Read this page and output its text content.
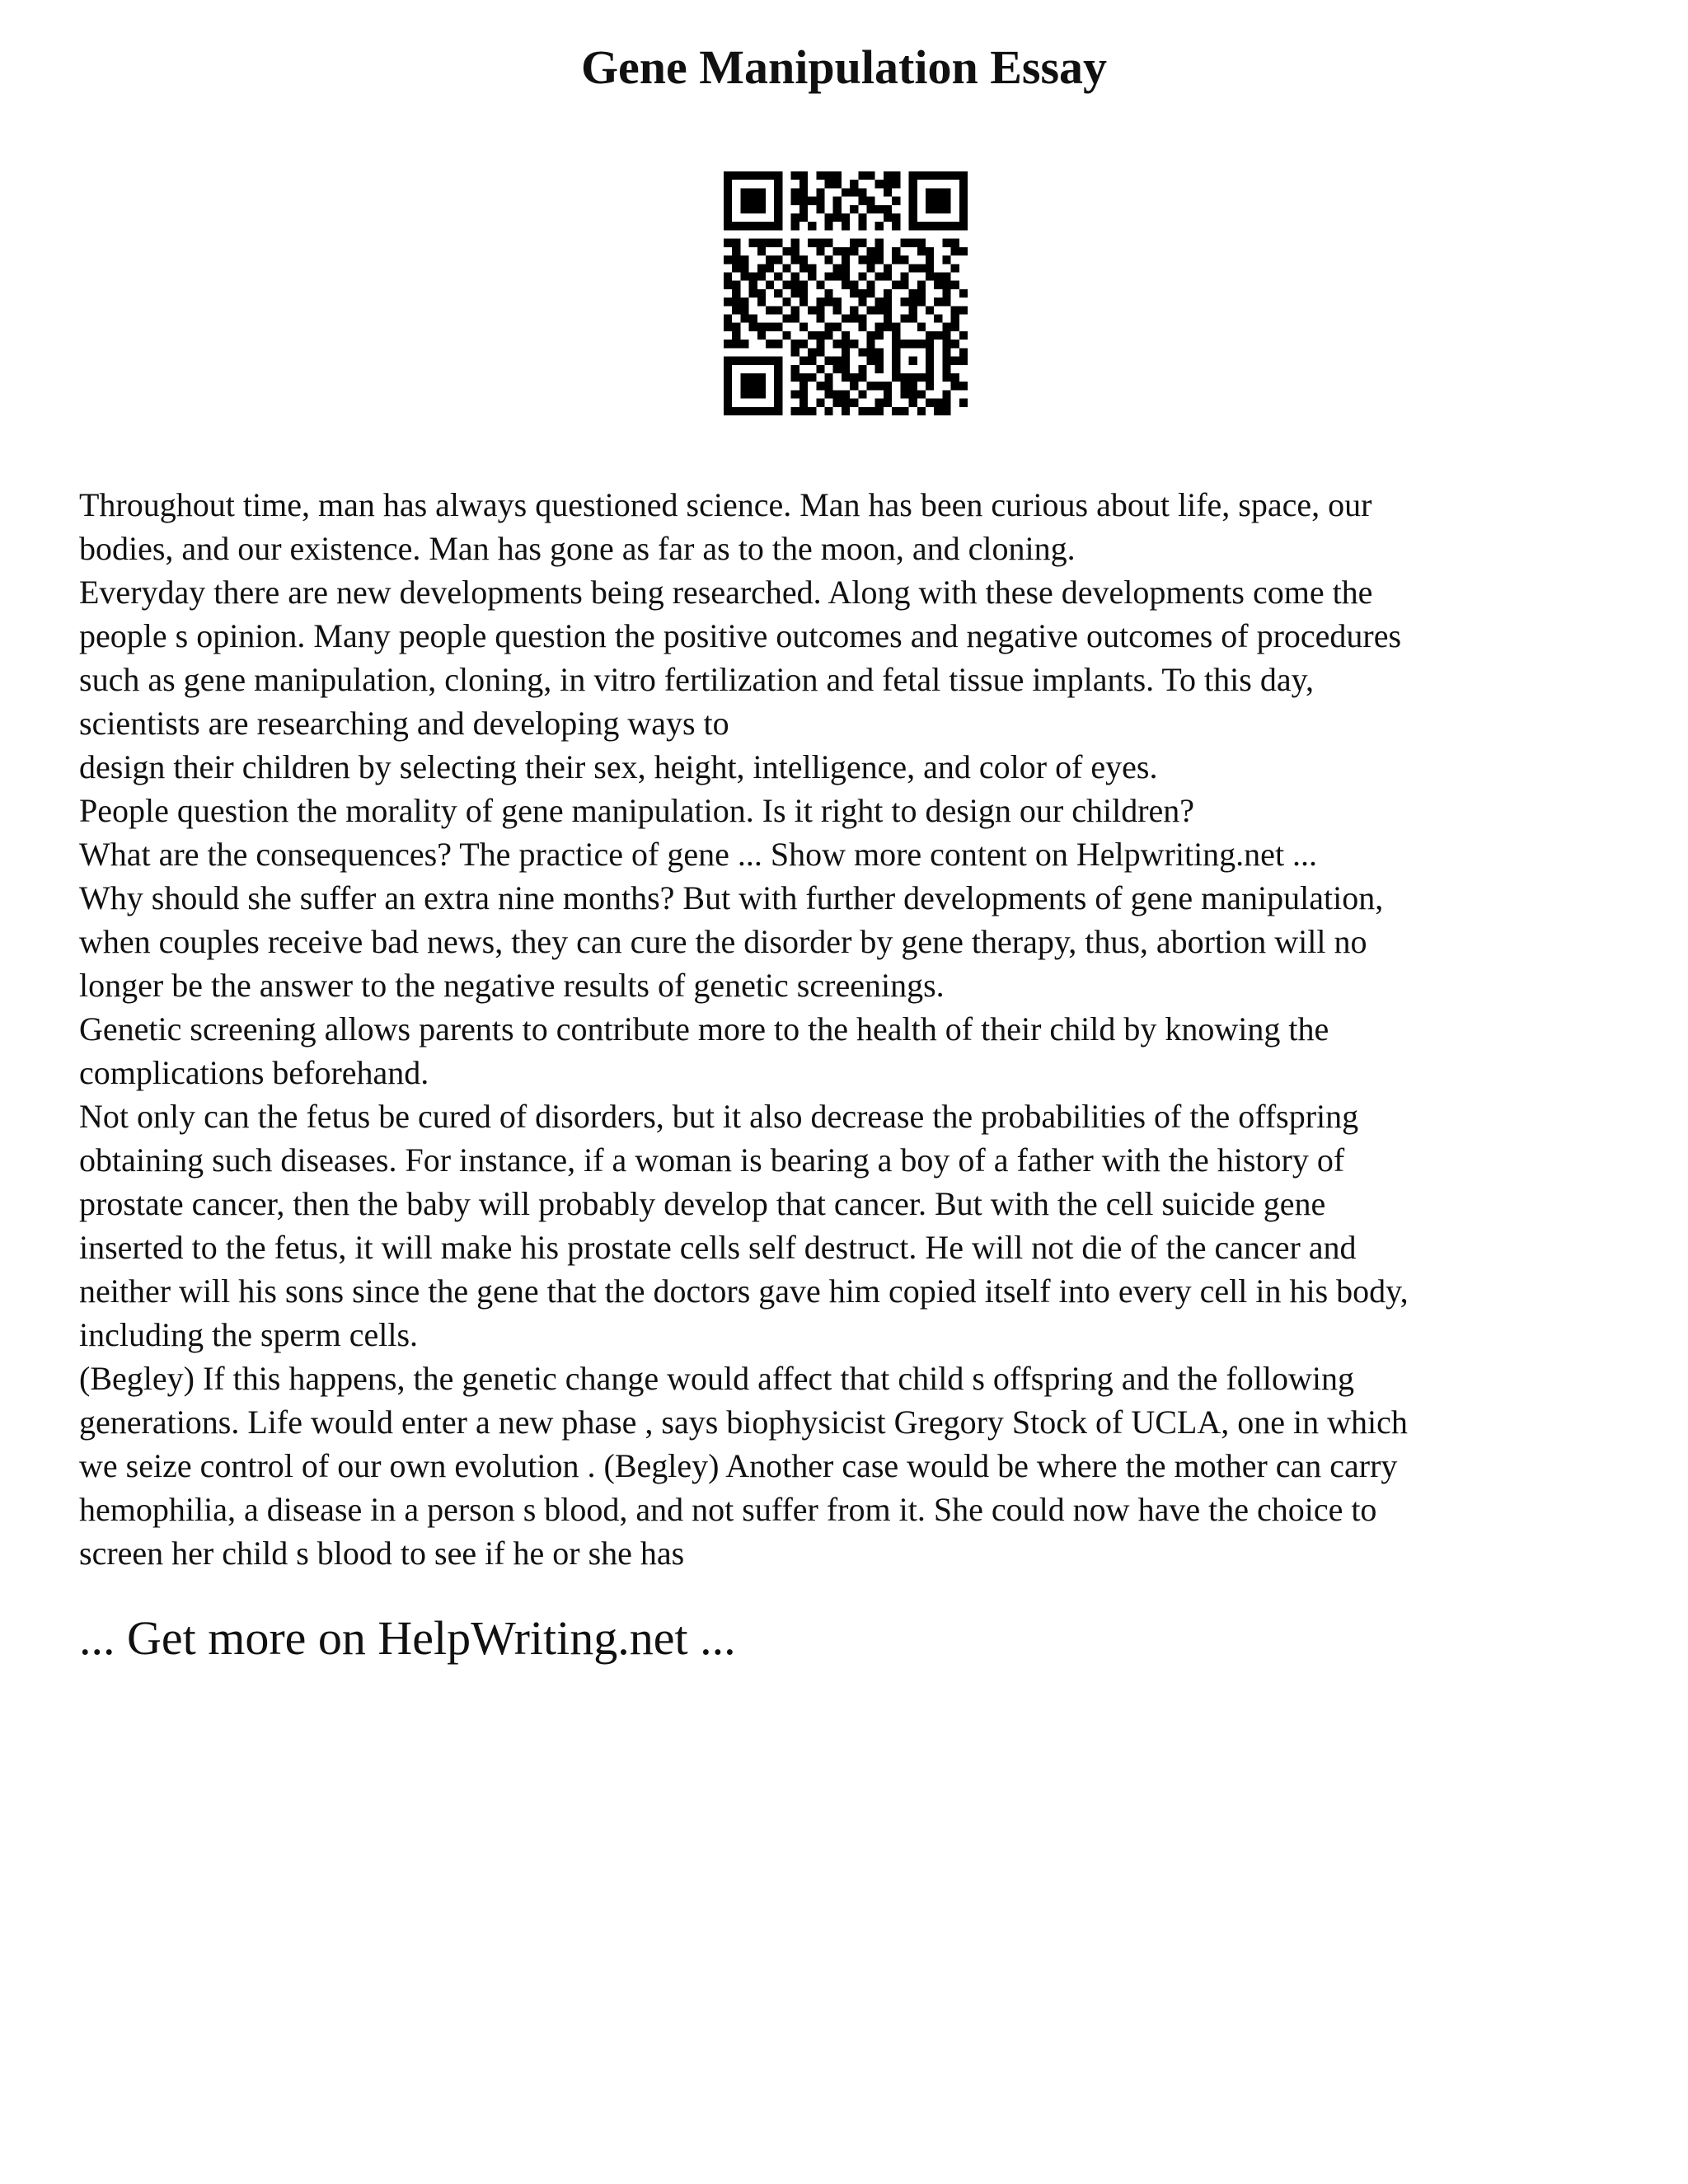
Gene Manipulation Essay

Throughout time, man has always questioned science. Man has been curious about life, space, our

bodies, and our existence. Man has gone as far as to the moon, and cloning.

Everyday there are new developments being researched. Along with these developments come the

people s opinion. Many people question the positive outcomes and negative outcomes of procedures

such as gene manipulation, cloning, in vitro fertilization and fetal tissue implants. To this day,

scientists are researching and developing ways to

design their children by selecting their sex, height, intelligence, and color of eyes.

People question the morality of gene manipulation. Is it right to design our children?

What are the consequences? The practice of gene ... Show more content on Helpwriting.net ...

Why should she suffer an extra nine months? But with further developments of gene manipulation,

when couples receive bad news, they can cure the disorder by gene therapy, thus, abortion will no

longer be the answer to the negative results of genetic screenings.

Genetic screening allows parents to contribute more to the health of their child by knowing the

complications beforehand.

Not only can the fetus be cured of disorders, but it also decrease the probabilities of the offspring

obtaining such diseases. For instance, if a woman is bearing a boy of a father with the history of

prostate cancer, then the baby will probably develop that cancer. But with the cell suicide gene

inserted to the fetus, it will make his prostate cells self destruct. He will not die of the cancer and

neither will his sons since the gene that the doctors gave him copied itself into every cell in his body,

including the sperm cells.

(Begley) If this happens, the genetic change would affect that child s offspring and the following

generations. Life would enter a new phase , says biophysicist Gregory Stock of UCLA, one in which

we seize control of our own evolution . (Begley) Another case would be where the mother can carry

hemophilia, a disease in a person s blood, and not suffer from it. She could now have the choice to

screen her child s blood to see if he or she has

... Get more on HelpWriting.net ...
